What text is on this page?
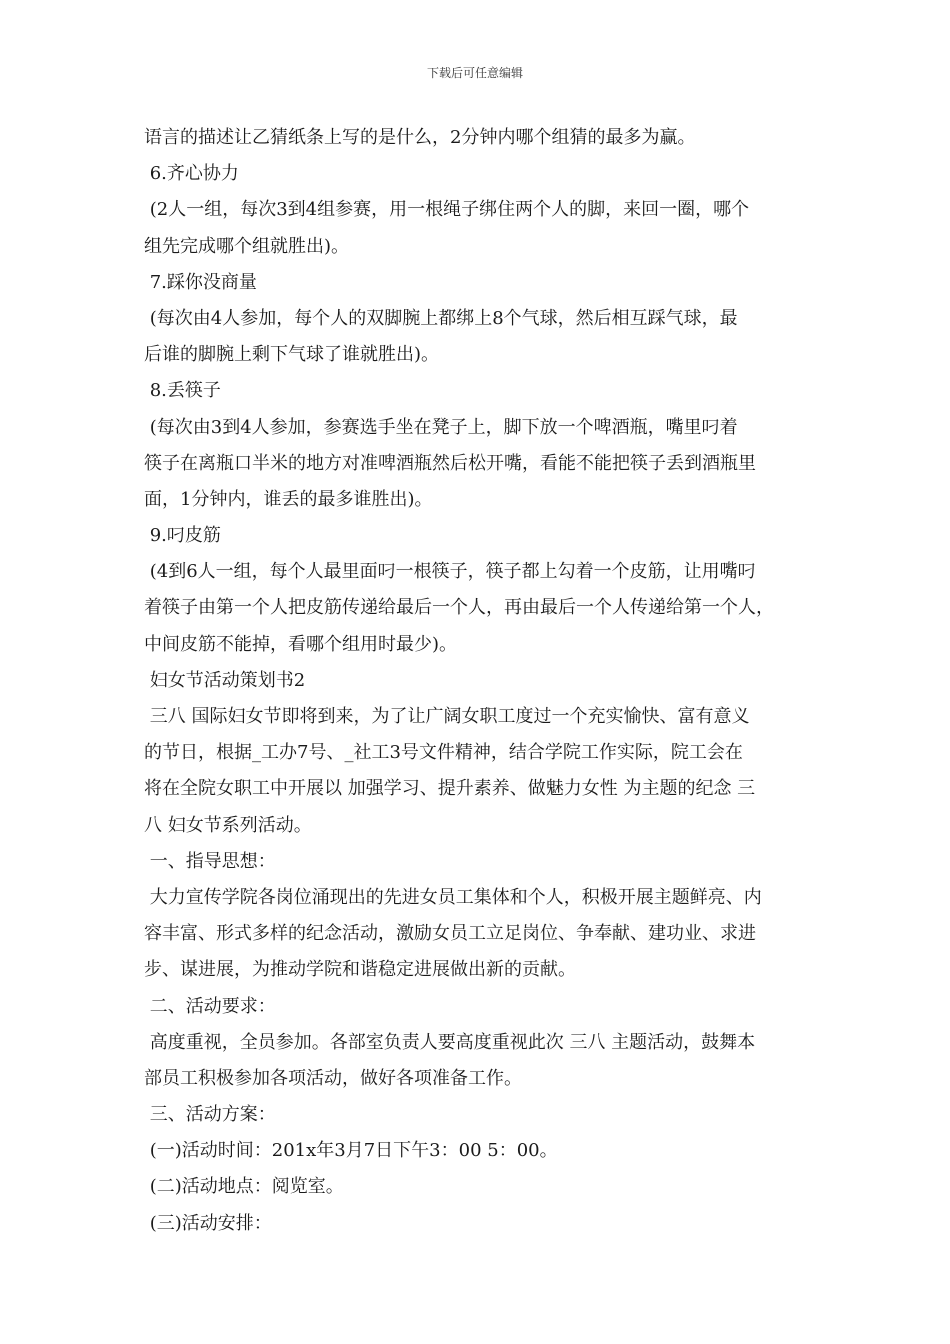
下载后可任意编辑
语言的描述让乙猜纸条上写的是什么，2分钟内哪个组猜的最多为赢。
6.齐心协力
(2人一组，每次3到4组参赛，用一根绳子绑住两个人的脚，来回一圈，哪个
组先完成哪个组就胜出)。
7.踩你没商量
(每次由4人参加，每个人的双脚腕上都绑上8个气球，然后相互踩气球，最
后谁的脚腕上剩下气球了谁就胜出)。
8.丢筷子
(每次由3到4人参加，参赛选手坐在凳子上，脚下放一个啤酒瓶，嘴里叼着
筷子在离瓶口半米的地方对准啤酒瓶然后松开嘴，看能不能把筷子丢到酒瓶里
面，1分钟内，谁丢的最多谁胜出)。
9.叼皮筋
(4到6人一组，每个人最里面叼一根筷子，筷子都上勾着一个皮筋，让用嘴叼
着筷子由第一个人把皮筋传递给最后一个人，再由最后一个人传递给第一个人，
中间皮筋不能掉，看哪个组用时最少)。
妇女节活动策划书2
三八 国际妇女节即将到来，为了让广阔女职工度过一个充实愉快、富有意义
的节日，根据_工办7号、_社工3号文件精神，结合学院工作实际，院工会在
将在全院女职工中开展以 加强学习、提升素养、做魅力女性 为主题的纪念 三
八 妇女节系列活动。
一、指导思想：
大力宣传学院各岗位涌现出的先进女员工集体和个人，积极开展主题鲜亮、内
容丰富、形式多样的纪念活动，激励女员工立足岗位、争奉献、建功业、求进
步、谋进展，为推动学院和谐稳定进展做出新的贡献。
二、活动要求：
高度重视，全员参加。各部室负责人要高度重视此次 三八 主题活动，鼓舞本
部员工积极参加各项活动，做好各项准备工作。
三、活动方案：
(一)活动时间：201x年3月7日下午3：00 5：00。
(二)活动地点：阅览室。
(三)活动安排：
